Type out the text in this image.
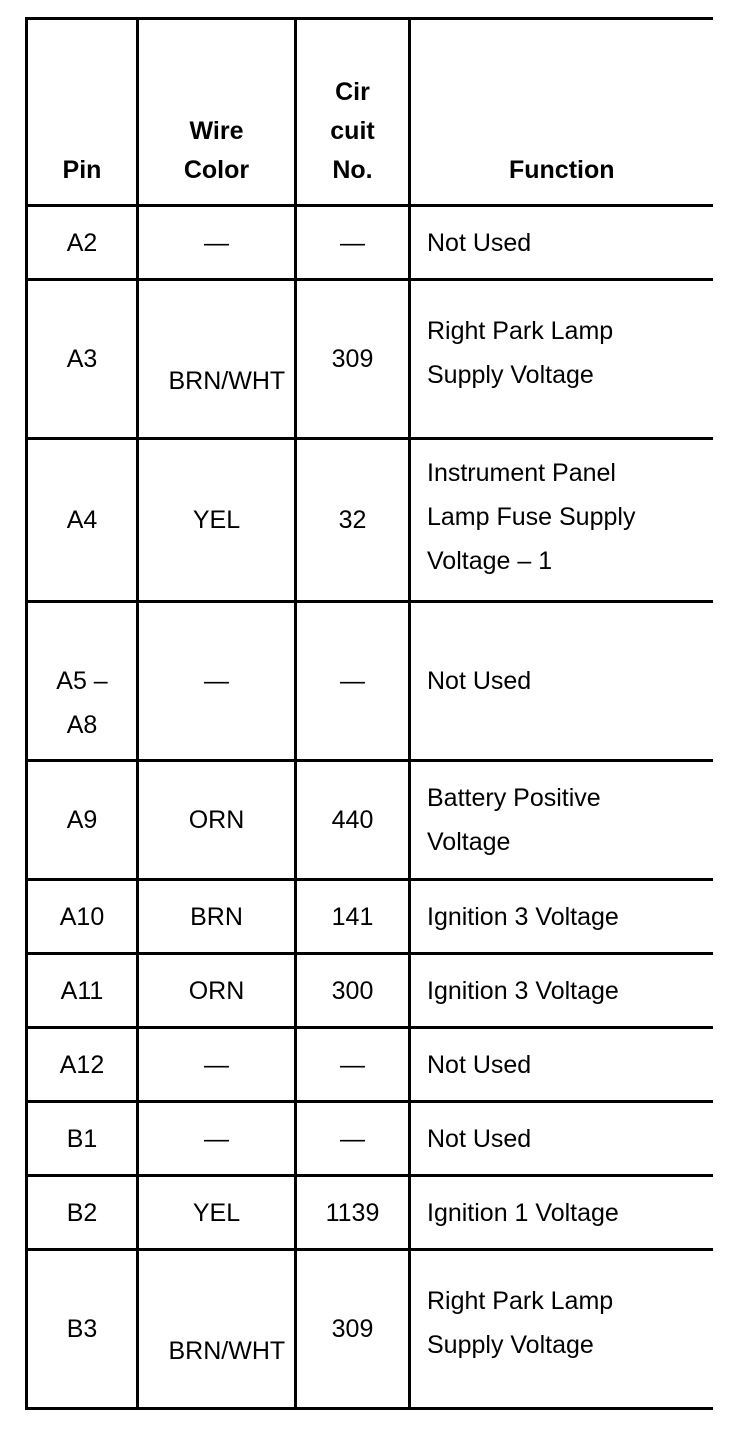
Pin	Wire Color	Cir cuit No.	Function
A2	—	—	Not Used
A3	BRN/WHT	309	Right Park Lamp Supply Voltage
A4	YEL	32	Instrument Panel Lamp Fuse Supply Voltage – 1
A5 –A8	—	—	Not Used
A9	ORN	440	Battery Positive Voltage
A10	BRN	141	Ignition 3 Voltage
A11	ORN	300	Ignition 3 Voltage
A12	—	—	Not Used
B1	—	—	Not Used
B2	YEL	1139	Ignition 1 Voltage
B3	BRN/WHT	309	Right Park Lamp Supply Voltage
